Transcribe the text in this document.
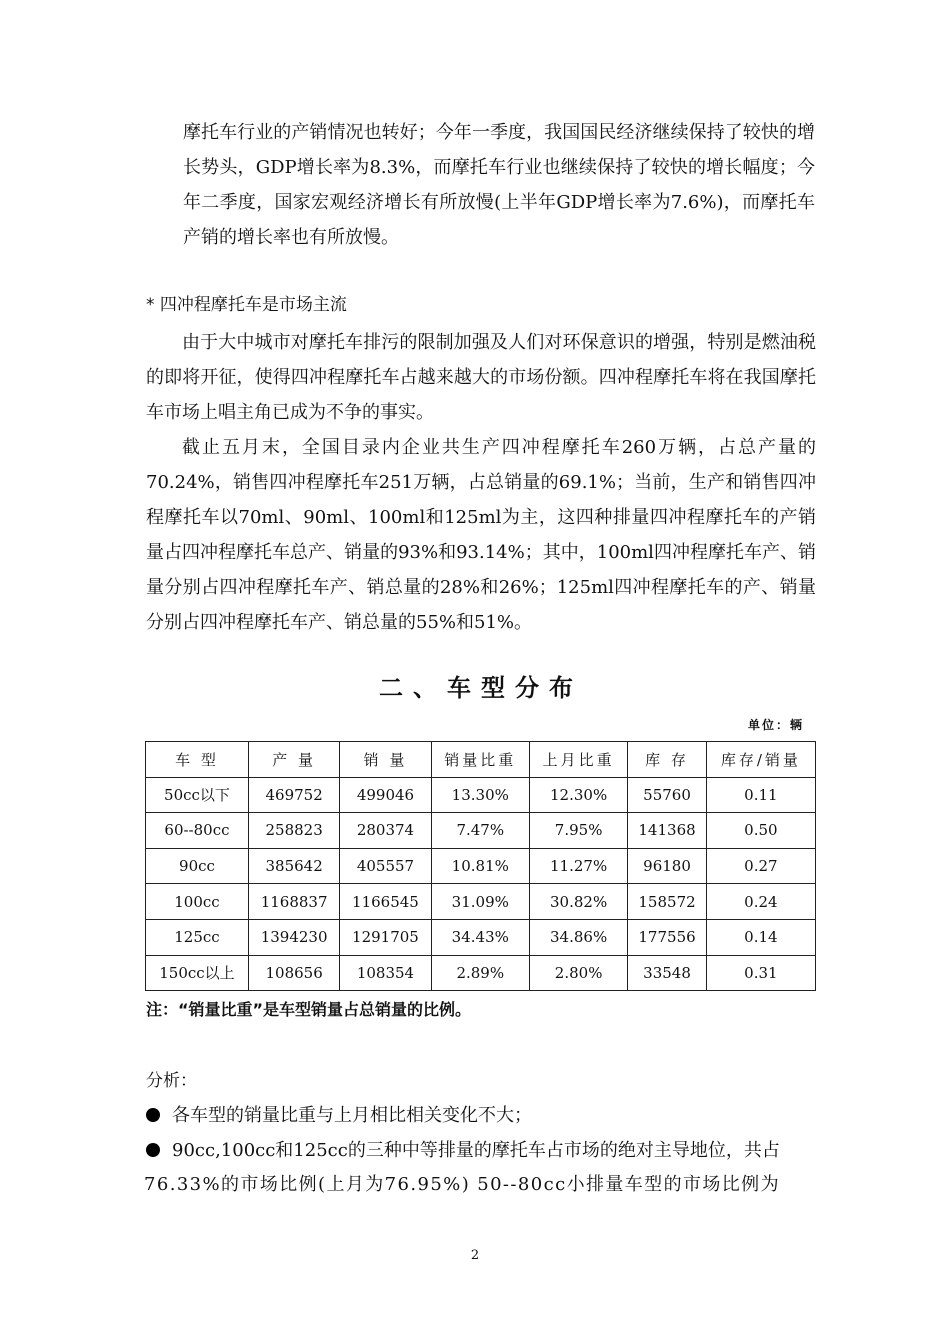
摩托车行业的产销情况也转好；今年一季度，我国国民经济继续保持了较快的增长势头，GDP增长率为8.3%，而摩托车行业也继续保持了较快的增长幅度；今年二季度，国家宏观经济增长有所放慢(上半年GDP增长率为7.6%)，而摩托车产销的增长率也有所放慢。

* 四冲程摩托车是市场主流

由于大中城市对摩托车排污的限制加强及人们对环保意识的增强，特别是燃油税的即将开征，使得四冲程摩托车占越来越大的市场份额。四冲程摩托车将在我国摩托车市场上唱主角已成为不争的事实。

截止五月末，全国目录内企业共生产四冲程摩托车260万辆，占总产量的70.24%，销售四冲程摩托车251万辆，占总销量的69.1%；当前，生产和销售四冲程摩托车以70ml、90ml、100ml和125ml为主，这四种排量四冲程摩托车的产销量占四冲程摩托车总产、销量的93%和93.14%；其中，100ml四冲程摩托车产、销量分别占四冲程摩托车产、销总量的28%和26%；125ml四冲程摩托车的产、销量分别占四冲程摩托车产、销总量的55%和51%。

二、车型分布
单位：辆
车 型	产 量	销 量	销量比重	上月比重	库 存	库存/销量
50cc以下	469752	499046	13.30%	12.30%	55760	0.11
60--80cc	258823	280374	7.47%	7.95%	141368	0.50
90cc	385642	405557	10.81%	11.27%	96180	0.27
100cc	1168837	1166545	31.09%	30.82%	158572	0.24
125cc	1394230	1291705	34.43%	34.86%	177556	0.14
150cc以上	108656	108354	2.89%	2.80%	33548	0.31
注：“销量比重”是车型销量占总销量的比例。
分析：
各车型的销量比重与上月相比相关变化不大；
90cc,100cc和125cc的三种中等排量的摩托车占市场的绝对主导地位，共占
76.33%的市场比例(上月为76.95%) 50--80cc小排量车型的市场比例为
2
